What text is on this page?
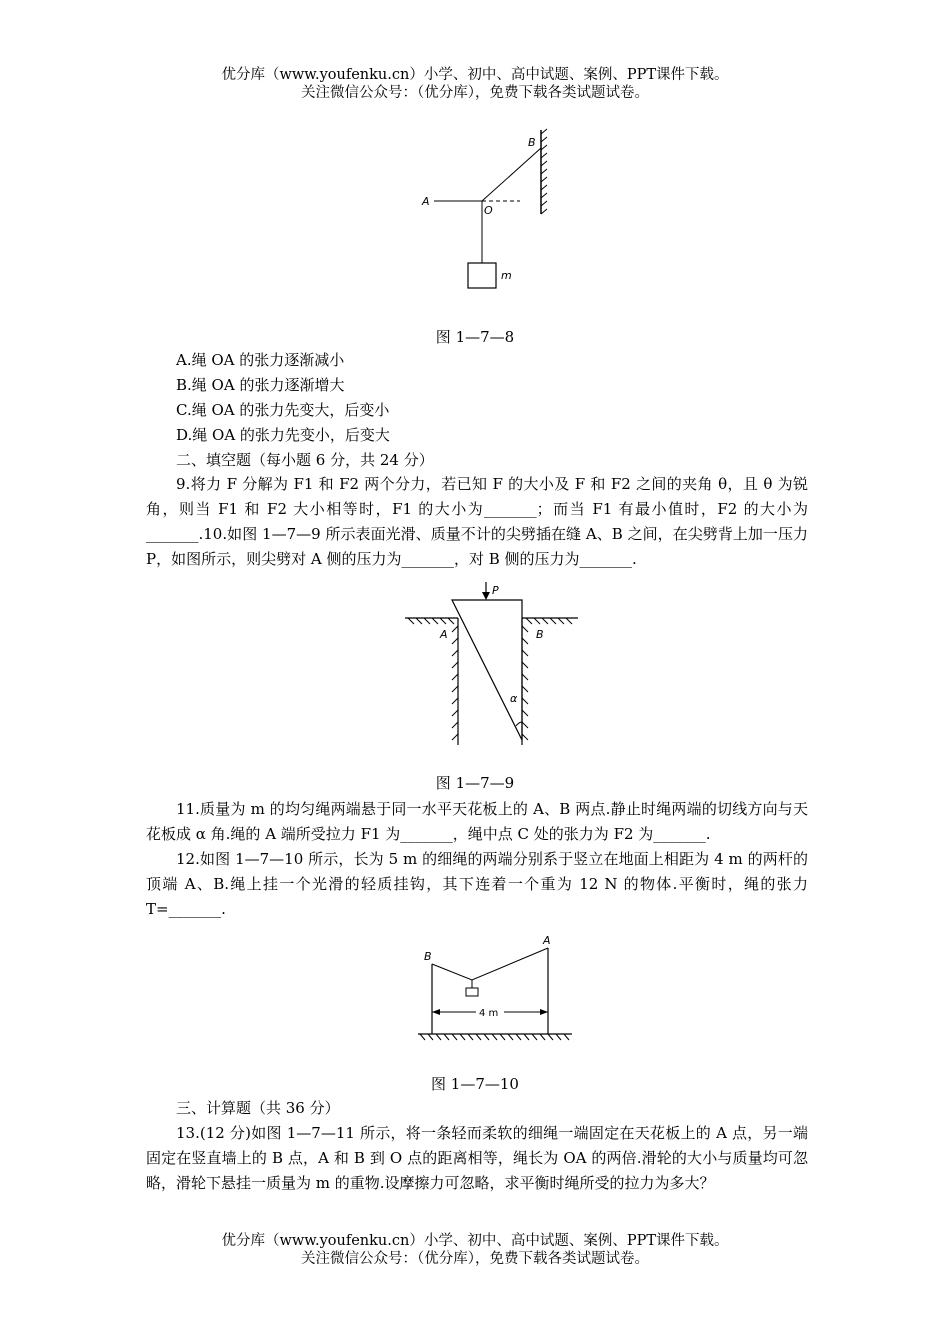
优分库（www.youfenku.cn）小学、初中、高中试题、案例、PPT课件下载。
关注微信公众号：（优分库），免费下载各类试题试卷。
A
B
O
m
图 1—7—8
A.绳 OA 的张力逐渐减小
B.绳 OA 的张力逐渐增大
C.绳 OA 的张力先变大，后变小
D.绳 OA 的张力先变小，后变大
二、填空题（每小题 6 分，共 24 分）
9.将力 F 分解为 F1 和 F2 两个分力，若已知 F 的大小及 F 和 F2 之间的夹角 θ，且 θ 为锐角，则当 F1 和 F2 大小相等时，F1 的大小为_______；而当 F1 有最小值时，F2 的大小为_______.10.如图 1—7—9 所示表面光滑、质量不计的尖劈插在缝 A、B 之间，在尖劈背上加一压力 P，如图所示，则尖劈对 A 侧的压力为_______，对 B 侧的压力为_______.
P
A	B
α
图 1—7—9
11.质量为 m 的均匀绳两端悬于同一水平天花板上的 A、B 两点.静止时绳两端的切线方向与天花板成 α 角.绳的 A 端所受拉力 F1 为_______，绳中点 C 处的张力为 F2 为_______.
12.如图 1—7—10 所示，长为 5 m 的细绳的两端分别系于竖立在地面上相距为 4 m 的两杆的顶端 A、B.绳上挂一个光滑的轻质挂钩，其下连着一个重为 12 N 的物体.平衡时，绳的张力 T=_______.
4 m
B
A
图 1—7—10
三、计算题（共 36 分）
13.(12 分)如图 1—7—11 所示，将一条轻而柔软的细绳一端固定在天花板上的 A 点，另一端固定在竖直墙上的 B 点，A 和 B 到 O 点的距离相等，绳长为 OA 的两倍.滑轮的大小与质量均可忽略，滑轮下悬挂一质量为 m 的重物.设摩擦力可忽略，求平衡时绳所受的拉力为多大？
优分库（www.youfenku.cn）小学、初中、高中试题、案例、PPT课件下载。
关注微信公众号：（优分库），免费下载各类试题试卷。
